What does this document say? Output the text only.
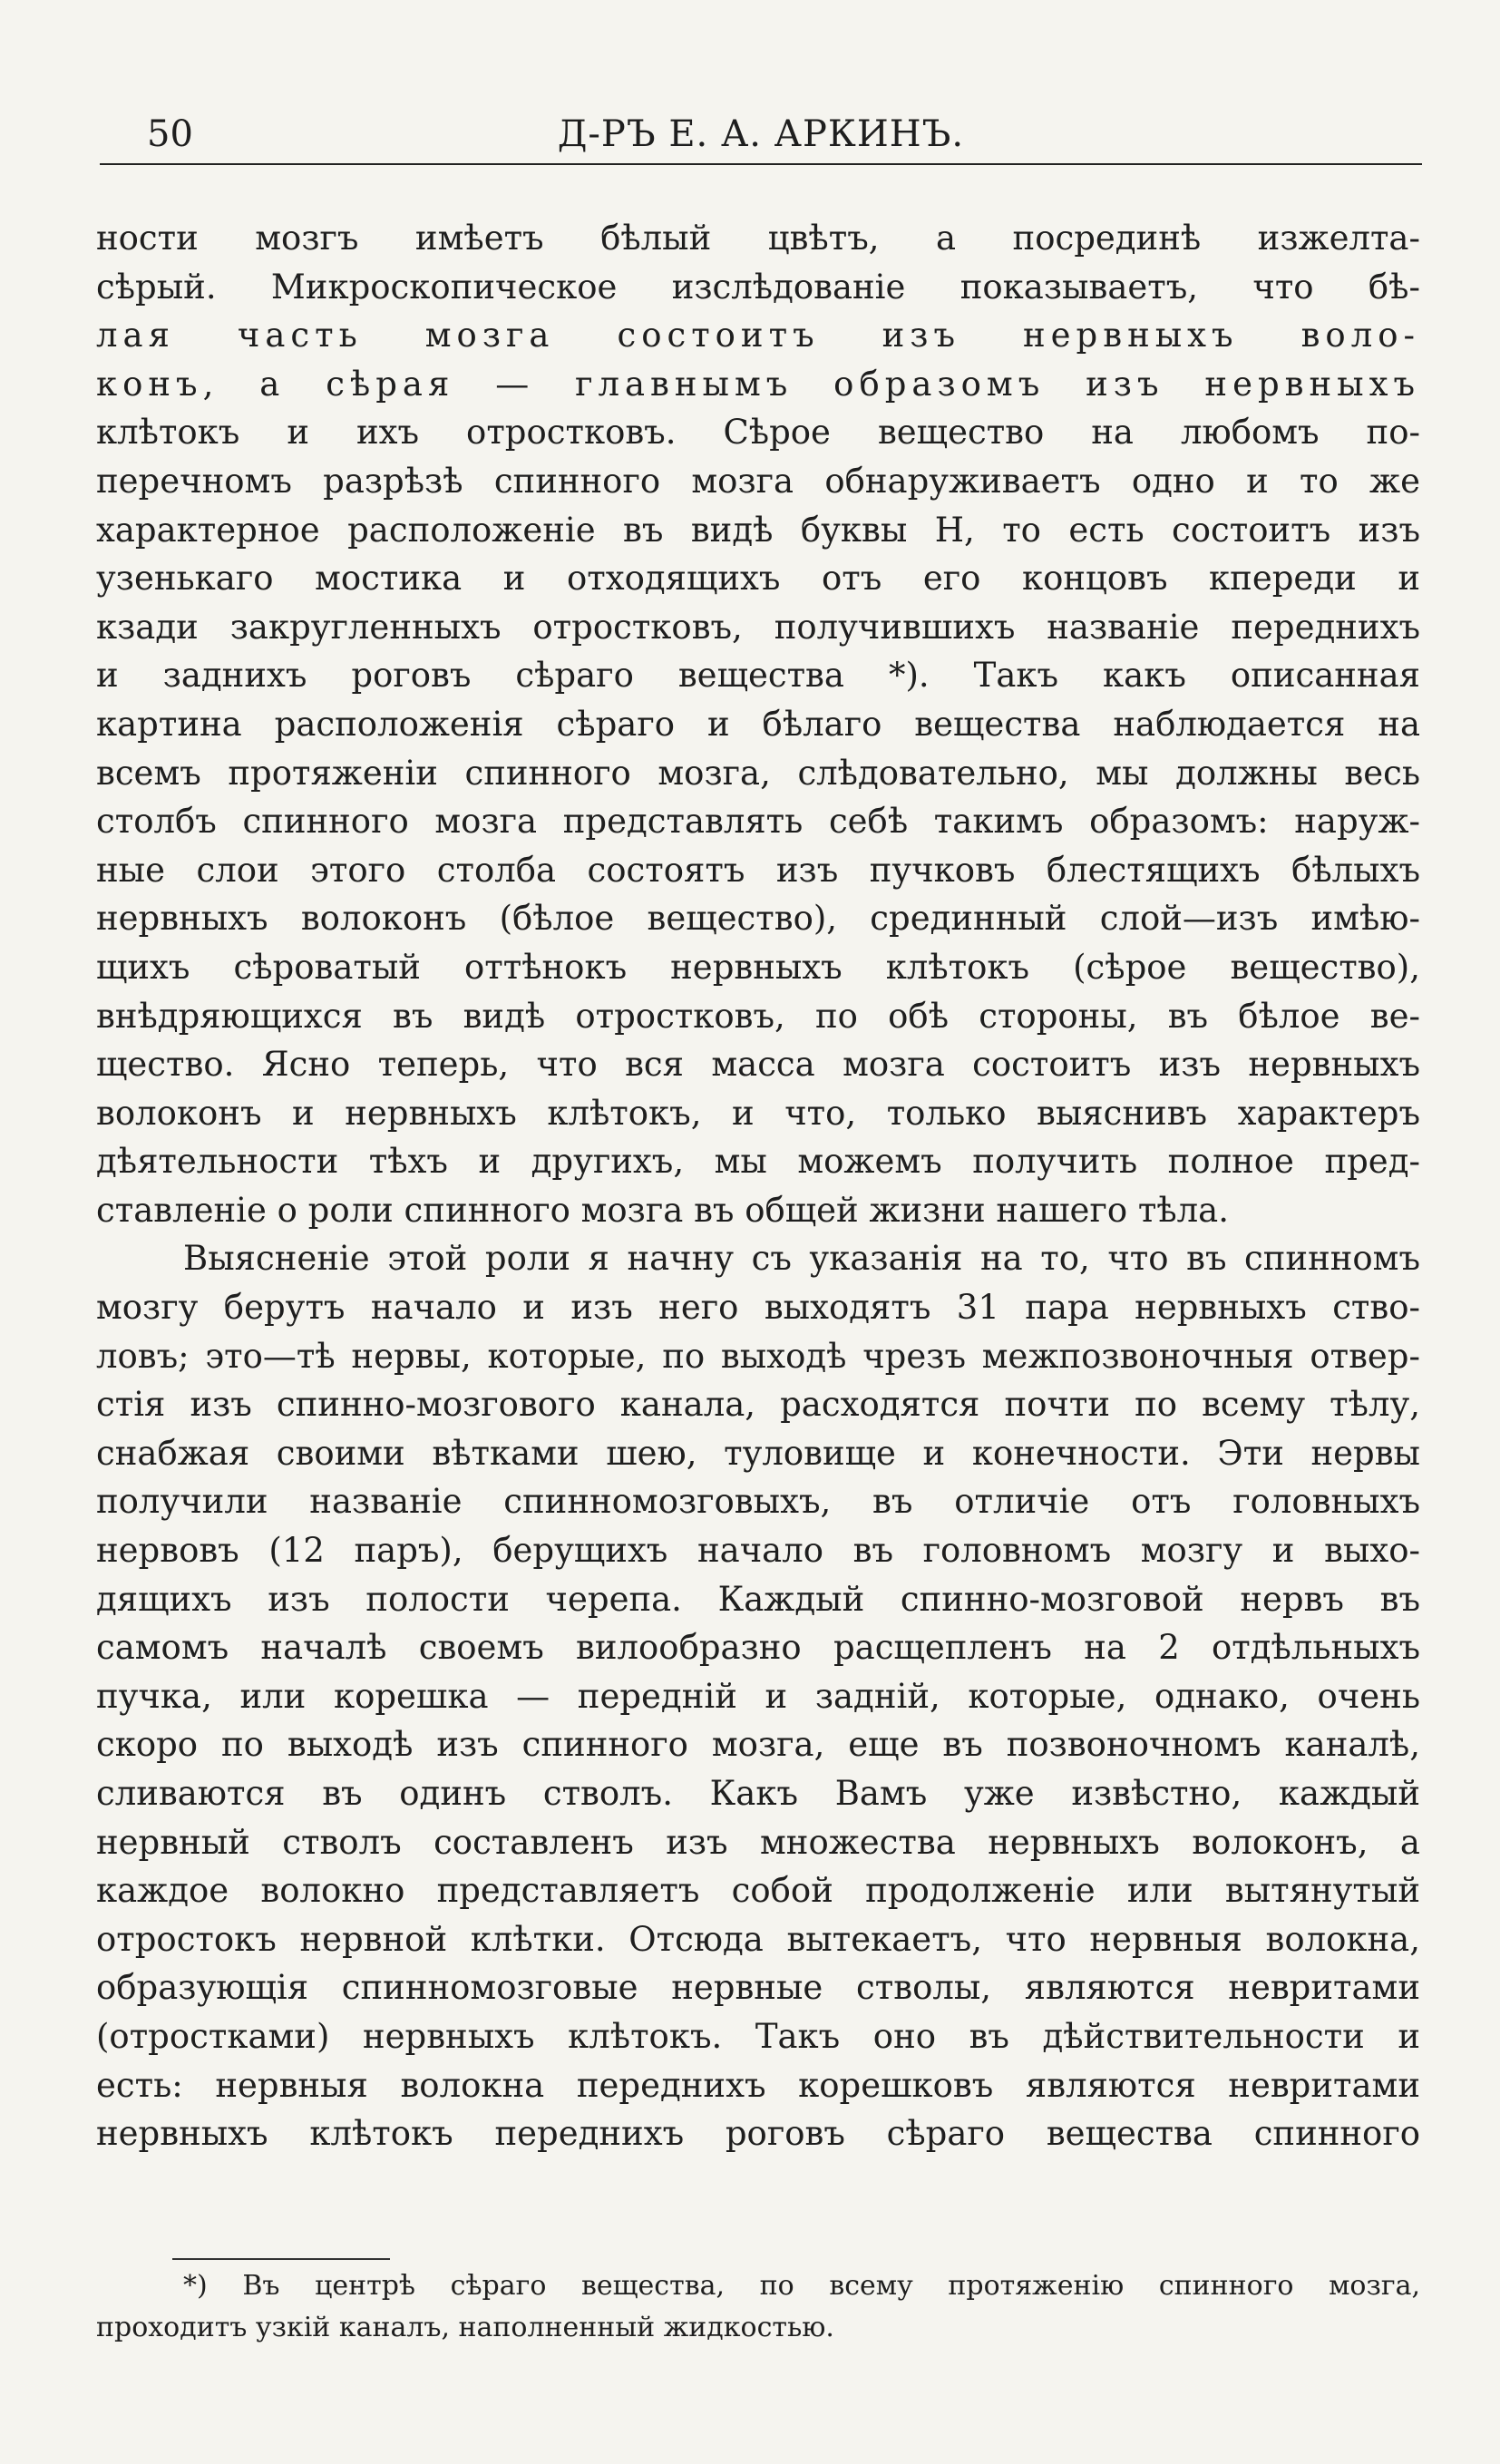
50	Д-РЪ Е. А. АРКИНЪ.
ности мозгъ имѣетъ бѣлый цвѣтъ, а посрединѣ изжелта-
сѣрый. Микроскопическое изслѣдованіе показываетъ, что бѣ-
лая часть мозга состоитъ изъ нервныхъ воло-
конъ, а сѣрая — главнымъ образомъ изъ нервныхъ
клѣтокъ и ихъ отростковъ. Сѣрое вещество на любомъ по-
перечномъ разрѣзѣ спинного мозга обнаруживаетъ одно и то же
характерное расположеніе въ видѣ буквы H, то есть состоитъ изъ
узенькаго мостика и отходящихъ отъ его концовъ кпереди и
кзади закругленныхъ отростковъ, получившихъ названіе переднихъ
и заднихъ роговъ сѣраго вещества *). Такъ какъ описанная
картина расположенія сѣраго и бѣлаго вещества наблюдается на
всемъ протяженіи спинного мозга, слѣдовательно, мы должны весь
столбъ спинного мозга представлять себѣ такимъ образомъ: наруж-
ные слои этого столба состоятъ изъ пучковъ блестящихъ бѣлыхъ
нервныхъ волоконъ (бѣлое вещество), срединный слой—изъ имѣю-
щихъ сѣроватый оттѣнокъ нервныхъ клѣтокъ (сѣрое вещество),
внѣдряющихся въ видѣ отростковъ, по обѣ стороны, въ бѣлое ве-
щество. Ясно теперь, что вся масса мозга состоитъ изъ нервныхъ
волоконъ и нервныхъ клѣтокъ, и что, только выяснивъ характеръ
дѣятельности тѣхъ и другихъ, мы можемъ получить полное пред-
ставленіе о роли спинного мозга въ общей жизни нашего тѣла.
Выясненіе этой роли я начну съ указанія на то, что въ спинномъ
мозгу берутъ начало и изъ него выходятъ 31 пара нервныхъ ство-
ловъ; это—тѣ нервы, которые, по выходѣ чрезъ межпозвоночныя отвер-
стія изъ спинно-мозгового канала, расходятся почти по всему тѣлу,
снабжая своими вѣтками шею, туловище и конечности. Эти нервы
получили названіе спинномозговыхъ, въ отличіе отъ головныхъ
нервовъ (12 паръ), берущихъ начало въ головномъ мозгу и выхо-
дящихъ изъ полости черепа. Каждый спинно-мозговой нервъ въ
самомъ началѣ своемъ вилообразно расщепленъ на 2 отдѣльныхъ
пучка, или корешка — передній и задній, которые, однако, очень
скоро по выходѣ изъ спинного мозга, еще въ позвоночномъ каналѣ,
сливаются въ одинъ стволъ. Какъ Вамъ уже извѣстно, каждый
нервный стволъ составленъ изъ множества нервныхъ волоконъ, а
каждое волокно представляетъ собой продолженіе или вытянутый
отростокъ нервной клѣтки. Отсюда вытекаетъ, что нервныя волокна,
образующія спинномозговые нервные стволы, являются невритами
(отростками) нервныхъ клѣтокъ. Такъ оно въ дѣйствительности и
есть: нервныя волокна переднихъ корешковъ являются невритами
нервныхъ клѣтокъ переднихъ роговъ сѣраго вещества спинного
*) Въ центрѣ сѣраго вещества, по всему протяженію спинного мозга,
проходитъ узкій каналъ, наполненный жидкостью.
